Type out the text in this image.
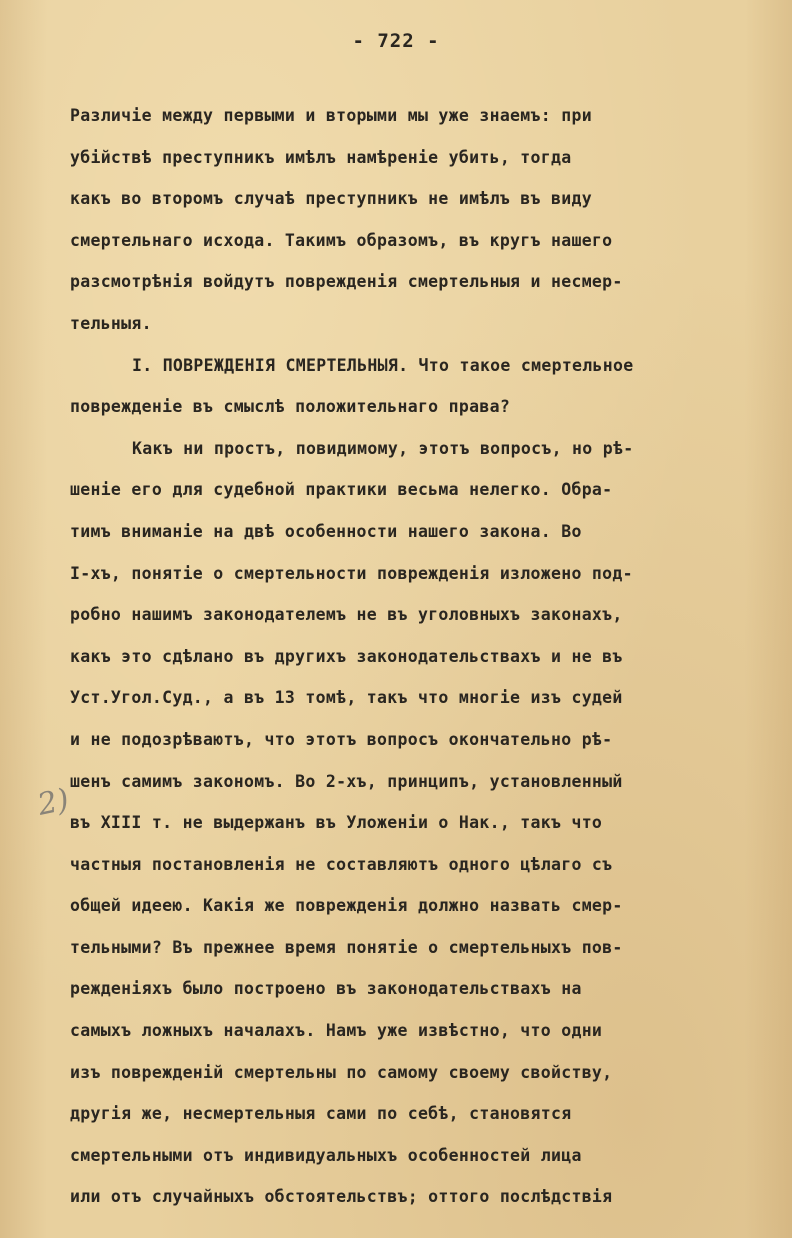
- 722 -
2)
Различіе между первыми и вторыми мы уже знаемъ: при
убійствѣ преступникъ имѣлъ намѣреніе убить, тогда
какъ во второмъ случаѣ преступникъ не имѣлъ въ виду
смертельнаго исхода. Такимъ образомъ, въ кругъ нашего
разсмотрѣнія войдутъ поврежденія смертельныя и несмер-
тельныя.
I. ПОВРЕЖДЕНІЯ СМЕРТЕЛЬНЫЯ. Что такое смертельное
поврежденіе въ смыслѣ положительнаго права?
Какъ ни простъ, повидимому, этотъ вопросъ, но рѣ-
шеніе его для судебной практики весьма нелегко. Обра-
тимъ вниманіе на двѣ особенности нашего закона. Во
I-хъ, понятіе о смертельности поврежденія изложено под-
робно нашимъ законодателемъ не въ уголовныхъ законахъ,
какъ это сдѣлано въ другихъ законодательствахъ и не въ
Уст.Угол.Суд., а въ 13 томѣ, такъ что многіе изъ судей
и не подозрѣваютъ, что этотъ вопросъ окончательно рѣ-
шенъ самимъ закономъ. Во 2-хъ, принципъ, установленный
въ XIII т. не выдержанъ въ Уложеніи о Нак., такъ что
частныя постановленія не составляютъ одного цѣлаго съ
общей идеею. Какія же поврежденія должно назвать смер-
тельными? Въ прежнее время понятіе о смертельныхъ пов-
режденіяхъ было построено въ законодательствахъ на
самыхъ ложныхъ началахъ. Намъ уже извѣстно, что одни
изъ поврежденій смертельны по самому своему свойству,
другія же, несмертельныя сами по себѣ, становятся
смертельными отъ индивидуальныхъ особенностей лица
или отъ случайныхъ обстоятельствъ; оттого послѣдствія
